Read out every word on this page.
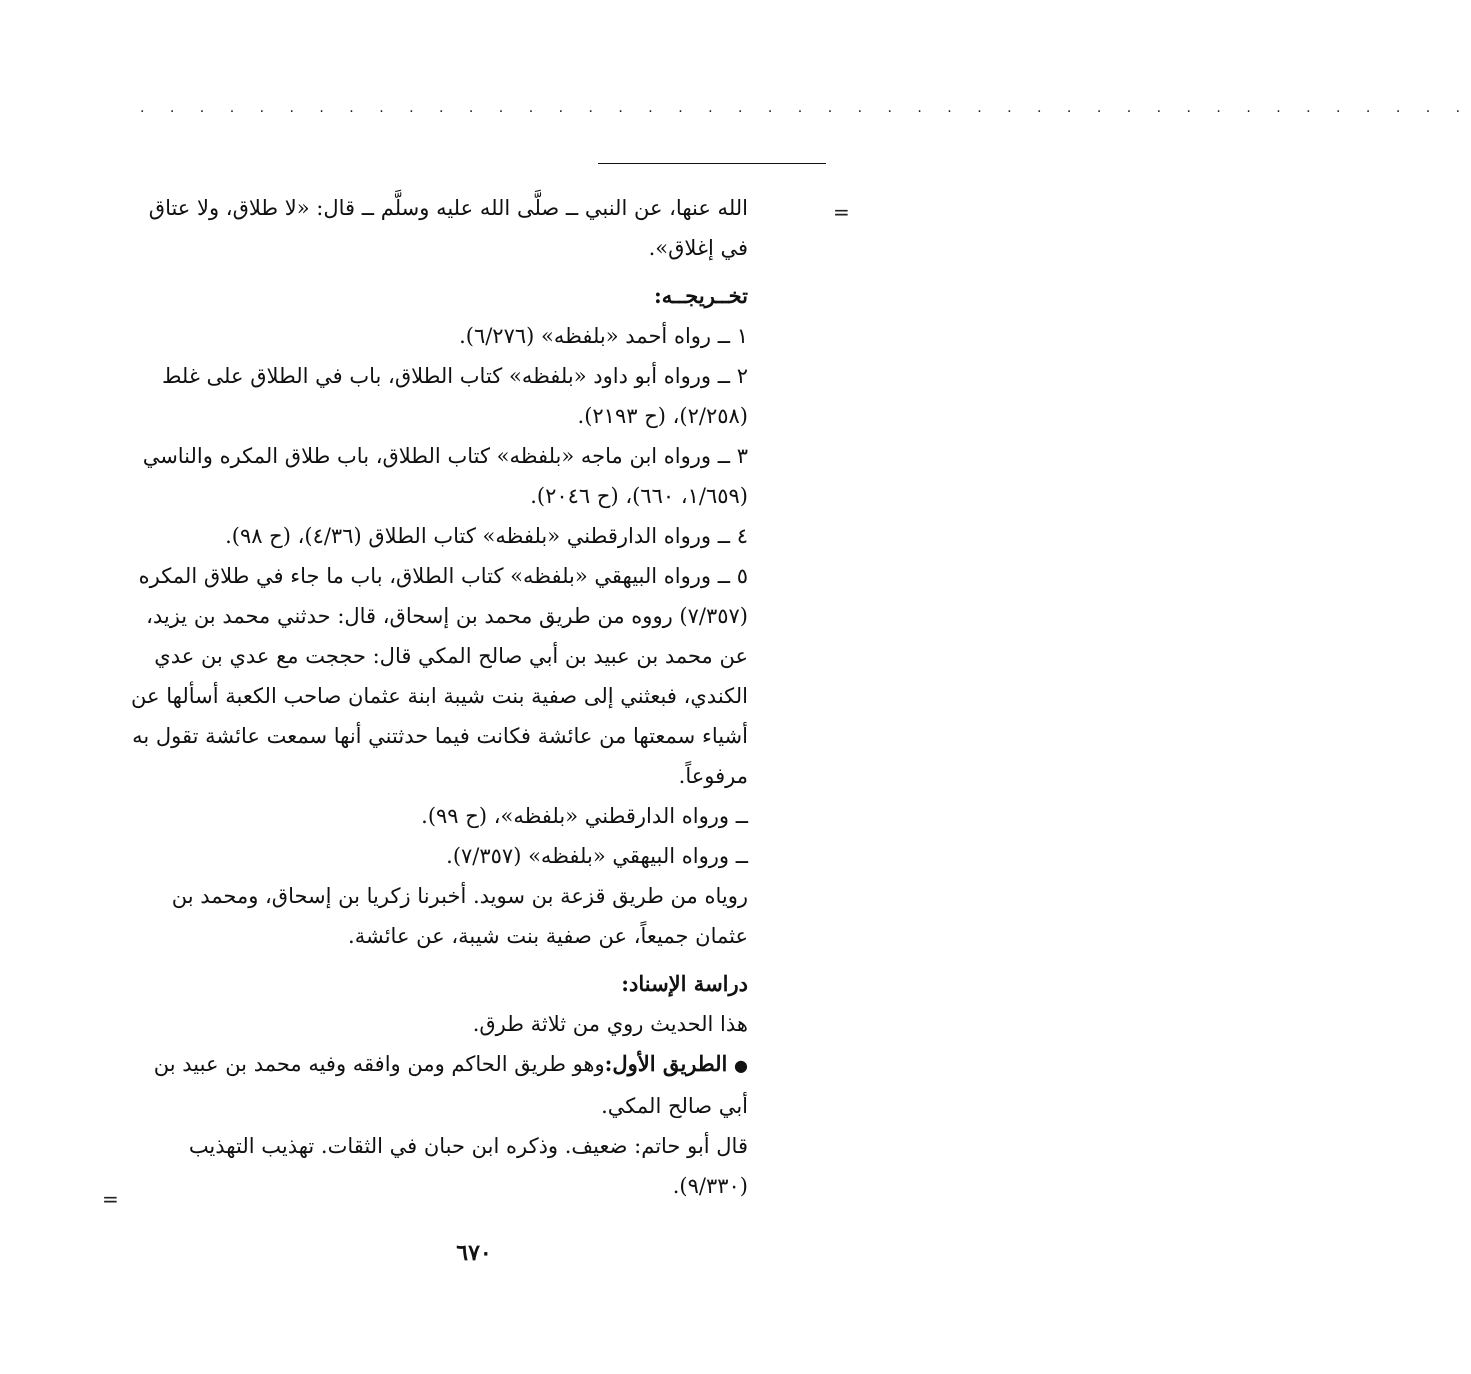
. . . . . . . . . . . . . . . . . . . . . . . . . . . . . . . . . . . . . . . . . . . . .
=
=

الله عنها، عن النبي ــ صلَّى الله عليه وسلَّم ــ قال: «لا طلاق، ولا عتاق

في إغلاق».

تخــريجــه:

١ ــ رواه أحمد «بلفظه» (٦/٢٧٦).

٢ ــ ورواه أبو داود «بلفظه» كتاب الطلاق، باب في الطلاق على غلط (٢/٢٥٨)، (ح ٢١٩٣).

٣ ــ ورواه ابن ماجه «بلفظه» كتاب الطلاق، باب طلاق المكره والناسي (١/٦٥٩، ٦٦٠)، (ح ٢٠٤٦).

٤ ــ ورواه الدارقطني «بلفظه» كتاب الطلاق (٤/٣٦)، (ح ٩٨).

٥ ــ ورواه البيهقي «بلفظه» كتاب الطلاق، باب ما جاء في طلاق المكره (٧/٣٥٧) رووه من طريق محمد بن إسحاق، قال: حدثني محمد بن يزيد، عن محمد بن عبيد بن أبي صالح المكي قال: حججت مع عدي بن عدي الكندي، فبعثني إلى صفية بنت شيبة ابنة عثمان صاحب الكعبة أسألها عن أشياء سمعتها من عائشة فكانت فيما حدثتني أنها سمعت عائشة تقول به مرفوعاً.

ــ ورواه الدارقطني «بلفظه»، (ح ٩٩).

ــ ورواه البيهقي «بلفظه» (٧/٣٥٧).

روياه من طريق قزعة بن سويد. أخبرنا زكريا بن إسحاق، ومحمد بن عثمان جميعاً، عن صفية بنت شيبة، عن عائشة.

دراسة الإسناد:

هذا الحديث روي من ثلاثة طرق.

● الطريق الأول:وهو طريق الحاكم ومن وافقه وفيه محمد بن عبيد بن أبي صالح المكي.

قال أبو حاتم: ضعيف. وذكره ابن حبان في الثقات. تهذيب التهذيب (٩/٣٣٠).

٦٧٠
